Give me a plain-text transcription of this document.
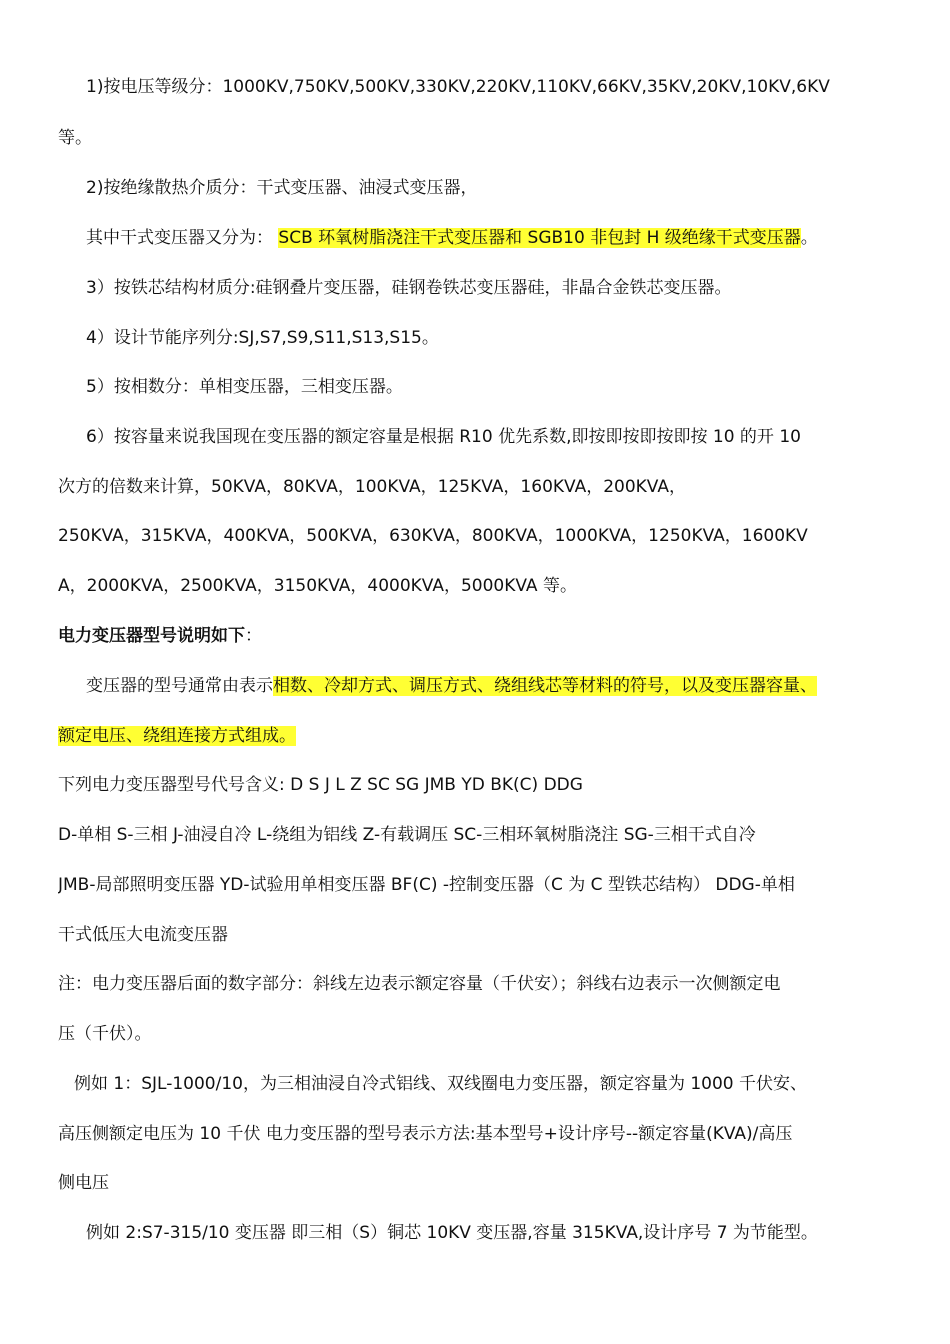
1)按电压等级分：1000KV,750KV,500KV,330KV,220KV,110KV,66KV,35KV,20KV,10KV,6KV
等。
2)按绝缘散热介质分：干式变压器、油浸式变压器，
其中干式变压器又分为： SCB 环氧树脂浇注干式变压器和 SGB10 非包封 H 级绝缘干式变压器。
3）按铁芯结构材质分:硅钢叠片变压器，硅钢卷铁芯变压器硅，非晶合金铁芯变压器。
4）设计节能序列分:SJ,S7,S9,S11,S13,S15。
5）按相数分：单相变压器，三相变压器。
6）按容量来说我国现在变压器的额定容量是根据 R10 优先系数,即按即按即按即按 10 的开 10
次方的倍数来计算，50KVA，80KVA，100KVA，125KVA，160KVA，200KVA，
250KVA，315KVA，400KVA，500KVA，630KVA，800KVA，1000KVA，1250KVA，1600KV
A，2000KVA，2500KVA，3150KVA，4000KVA，5000KVA 等。
电力变压器型号说明如下：
变压器的型号通常由表示相数、冷却方式、调压方式、绕组线芯等材料的符号，以及变压器容量、
额定电压、绕组连接方式组成。
下列电力变压器型号代号含义: D S J L Z SC SG JMB YD BK(C) DDG
D-单相 S-三相 J-油浸自冷 L-绕组为铝线 Z-有载调压 SC-三相环氧树脂浇注 SG-三相干式自冷
JMB-局部照明变压器 YD-试验用单相变压器 BF(C) -控制变压器（C 为 C 型铁芯结构） DDG-单相
干式低压大电流变压器
注：电力变压器后面的数字部分：斜线左边表示额定容量（千伏安）；斜线右边表示一次侧额定电
压（千伏）。
例如 1：SJL-1000/10，为三相油浸自冷式铝线、双线圈电力变压器，额定容量为 1000 千伏安、
高压侧额定电压为 10 千伏 电力变压器的型号表示方法:基本型号+设计序号--额定容量(KVA)/高压
侧电压
例如 2:S7-315/10 变压器 即三相（S）铜芯 10KV 变压器,容量 315KVA,设计序号 7 为节能型。
